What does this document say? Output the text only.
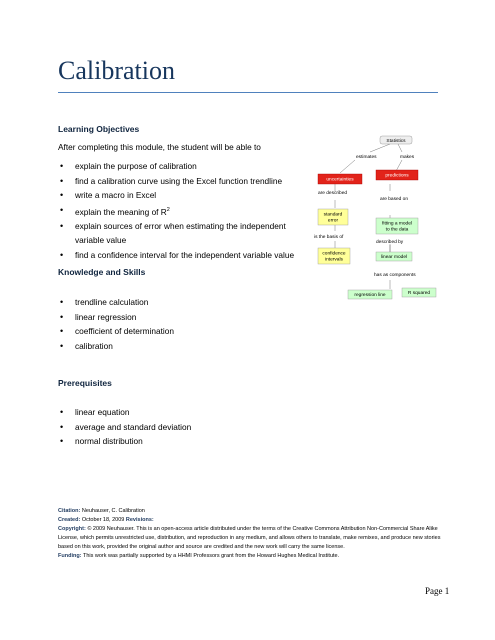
Calibration
Learning Objectives
After completing this module, the student will be able to
• explain the purpose of calibration
• find a calibration curve using the Excel function trendline
• write a macro in Excel
• explain the meaning of $R^2$
• explain sources of error when estimating the independent
variable value
• find a confidence interval for the independent variable value
Knowledge and Skills
• trendline calculation
• linear regression
• coefficient of determination
• calibration
Prerequisites
• linear equation
• average and standard deviation
• normal distribution
Statistics
estimates	makes
uncertainties
predictions
are described
are based on
standard
error
is the basis of
fitting a model
to the data
described by
confidence
intervals	linear model
has as components
regression line	R squared
Citation: Neuhauser, C. Calibration
Created: October 18, 2009 Revisions:
Copyright: © 2009 Neuhauser. This is an open-access article distributed under the terms of the Creative Commons Attribution Non-Commercial Share Alike License, which permits unrestricted use, distribution, and reproduction in any medium, and allows others to translate, make remixes, and produce new stories based on this work, provided the original author and source are credited and the new work will carry the same license.
Funding: This work was partially supported by a HHMI Professors grant from the Howard Hughes Medical Institute.
Page 1
